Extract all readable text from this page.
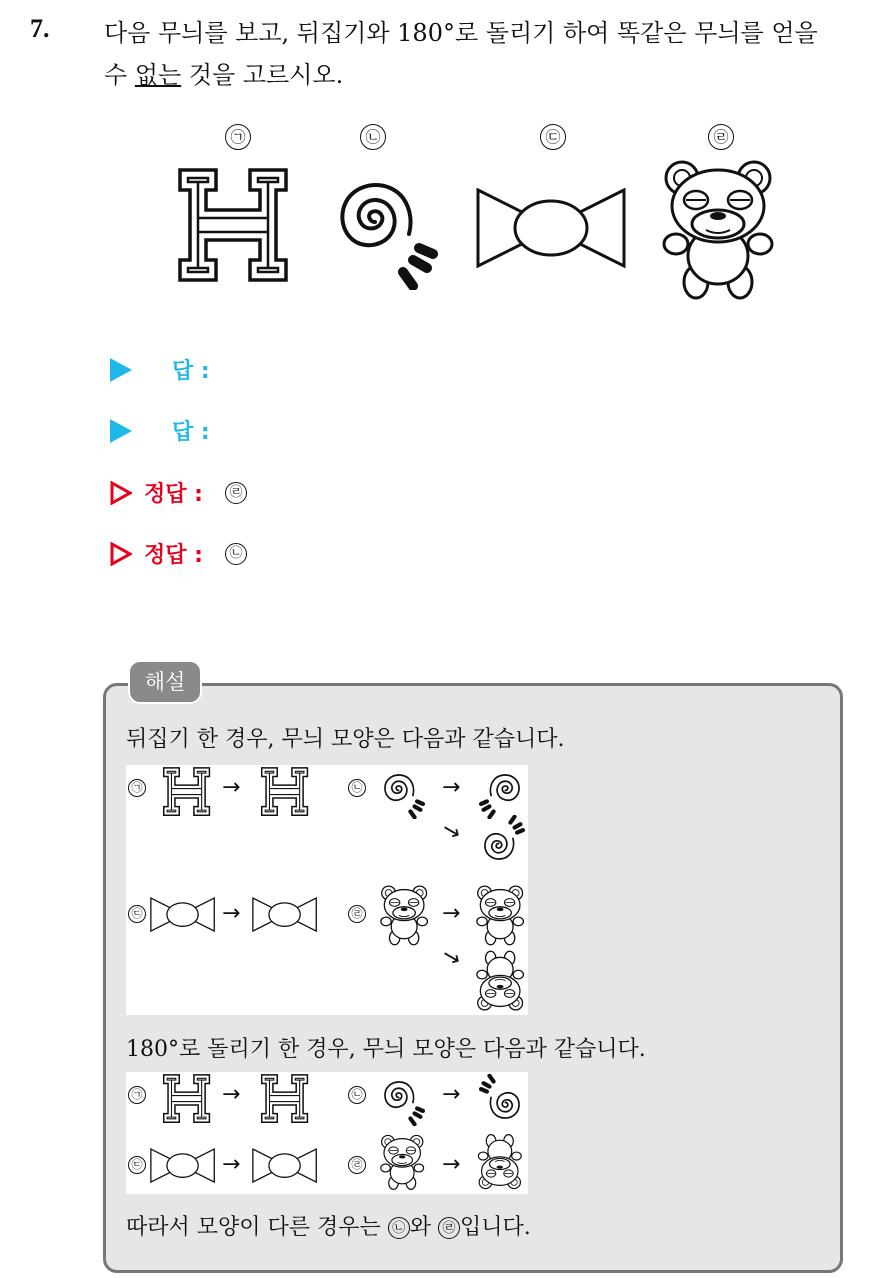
7. 다음 무늬를 보고, 뒤집기와 180°로 돌리기 하여 똑같은 무늬를 얻을
수 없는 것을 고르시오.
㉠	㉡	㉢	㉣
답 :
답 :
정답 :	㉣
정답 :	㉡
해설
뒤집기 한 경우, 무늬 모양은 다음과 같습니다.
㉠	→	㉡	→
→
㉢	→	㉣	→
→
180°로 돌리기 한 경우, 무늬 모양은 다음과 같습니다.
㉠	→	㉡	→
㉢	→	㉣	→
따라서 모양이 다른 경우는 ㉡ 와 ㉣ 입니다.
